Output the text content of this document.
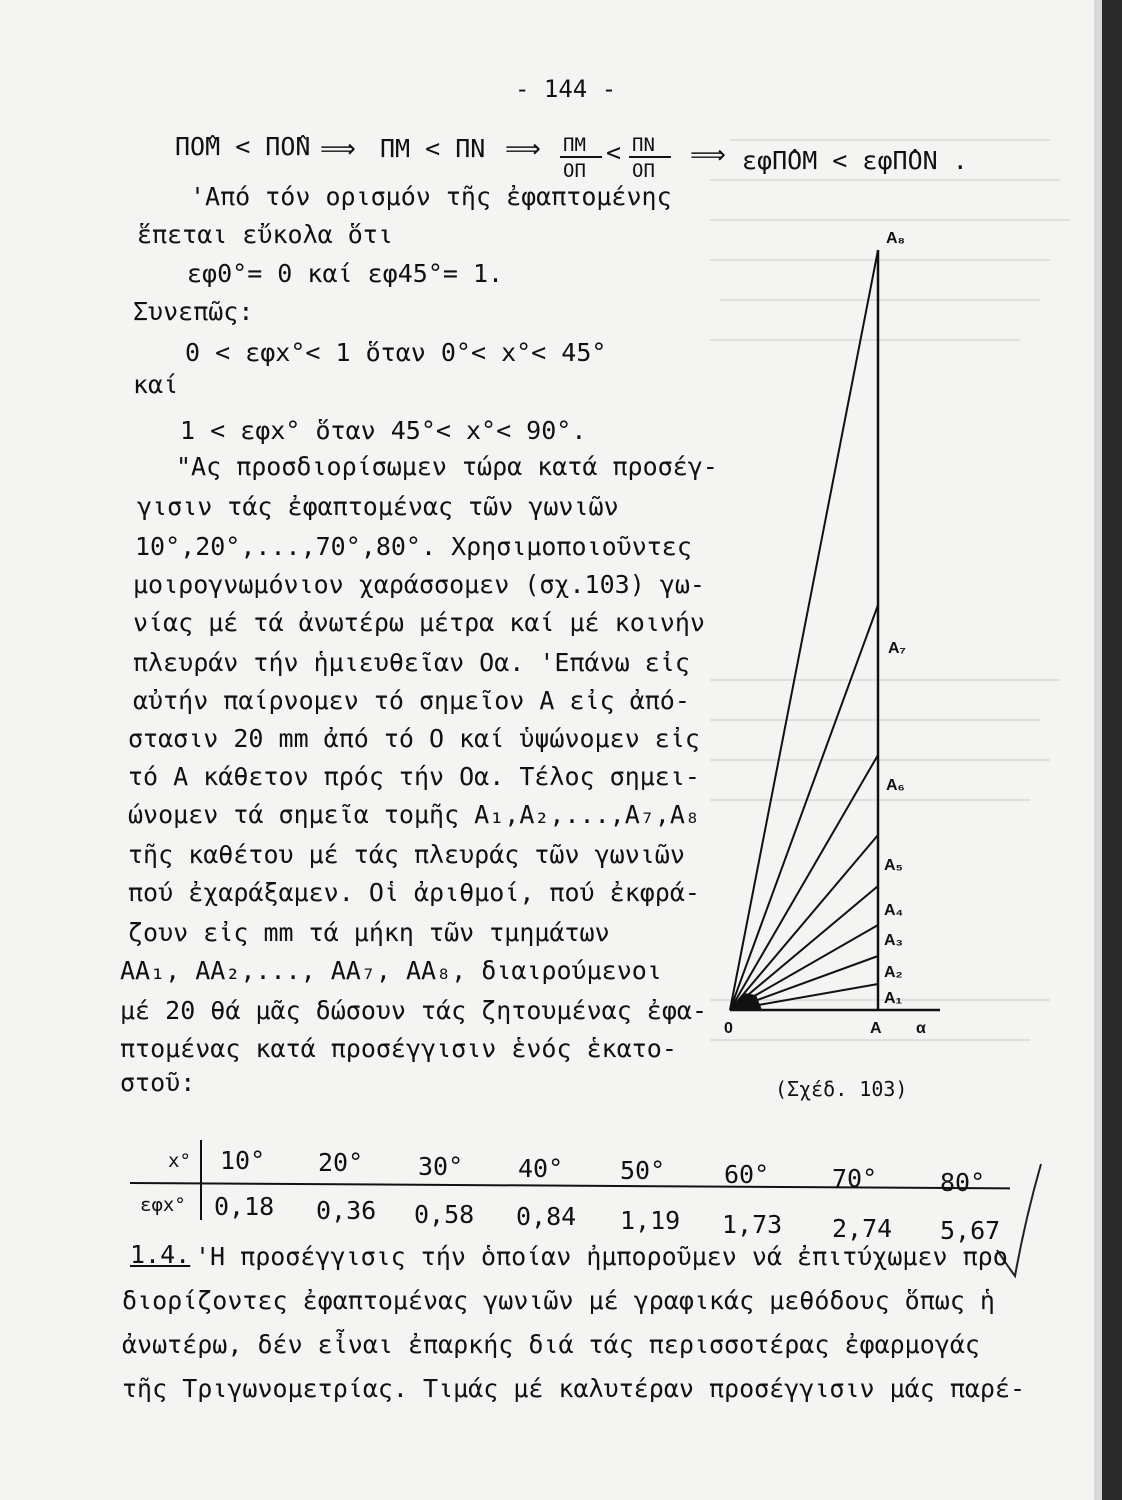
- 144 -
ΠΟ̂Μ < ΠΟ̂Ν ⟹ ΠΜ < ΠΝ ⟹ ΠΜ
ΟΠ
< ΠΝ
ΟΠ
⟹ εφΠ̂ΟΜ < εφΠ̂ΟΝ .
'Από τόν ορισμόν τῆς ἐφαπτομένης
ἕπεται εὔκολα ὅτι
εφ0°= 0 καί εφ45°= 1.
Συνεπῶς:
0 < εφx°< 1 ὅταν 0°< x°< 45°
καί
1 < εφx° ὅταν 45°< x°< 90°.
"Ας προσδιορίσωμεν τώρα κατά προσέγ-
γισιν τάς ἐφαπτομένας τῶν γωνιῶν
10°,20°,...,70°,80°. Χρησιμοποιοῦντες
μοιρογνωμόνιον χαράσσομεν (σχ.103) γω-
νίας μέ τά ἀνωτέρω μέτρα καί μέ κοινήν
πλευράν τήν ἡμιευθεῖαν Οα. 'Επάνω εἰς
αὐτήν παίρνομεν τό σημεῖον Α εἰς ἀπό-
στασιν 20 mm ἀπό τό Ο καί ὑψώνομεν εἰς
τό Α κάθετον πρός τήν Οα. Τέλος σημει-
ώνομεν τά σημεῖα τομῆς Α₁,Α₂,...,Α₇,Α₈
τῆς καθέτου μέ τάς πλευράς τῶν γωνιῶν
πού ἐχαράξαμεν. Οἱ ἀριθμοί, πού ἐκφρά-
ζουν εἰς mm τά μήκη τῶν τμημάτων
ΑΑ₁, ΑΑ₂,..., ΑΑ₇, ΑΑ₈, διαιρούμενοι
μέ 20 θά μᾶς δώσουν τάς ζητουμένας ἐφα-
πτομένας κατά προσέγγισιν ἑνός ἑκατο-
στοῦ:
Α₁
Α₂
Α₃
Α₄
Α₅
Α₆
Α₇
Α₈
0	Α α
(Σχέδ. 103)
x°
εφx°
10° 20° 30° 40° 50° 60°	70°	80°
0,18 0,36 0,58 0,84 1,19 1,73 2,74 5,67
1.4. 'Η προσέγγισις τήν ὁποίαν ἠμποροῦμεν νά ἐπιτύχωμεν προ
διορίζοντες ἐφαπτομένας γωνιῶν μέ γραφικάς μεθόδους ὅπως ἡ
ἀνωτέρω, δέν εἶναι ἐπαρκής διά τάς περισσοτέρας ἐφαρμογάς
τῆς Τριγωνομετρίας. Τιμάς μέ καλυτέραν προσέγγισιν μάς παρέ-
